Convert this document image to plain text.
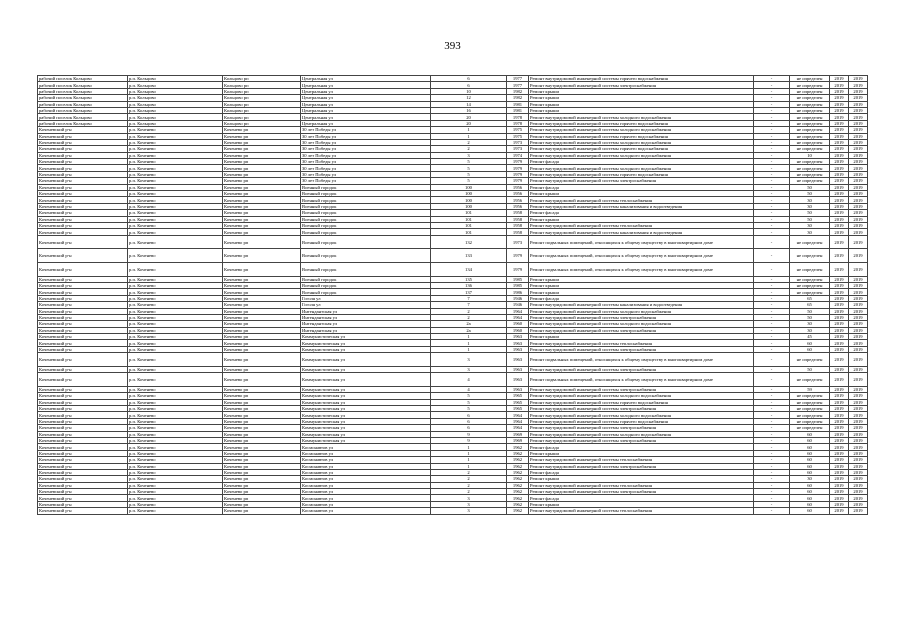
393
рабочий поселок Кольцово	р.п. Кольцово	Кольцово рп	Центральная ул	6	1977	Ремонт внутридомовой инженерной системы горячего водоснабжения	-	не определен	2019	2019
рабочий поселок Кольцово	р.п. Кольцово	Кольцово рп	Центральная ул	6	1977	Ремонт внутридомовой инженерной системы электроснабжения	-	не определен	2019	2019
рабочий поселок Кольцово	р.п. Кольцово	Кольцово рп	Центральная ул	10	1982	Ремонт крыши	-	не определен	2019	2019
рабочий поселок Кольцово	р.п. Кольцово	Кольцово рп	Центральная ул	12	1982	Ремонт крыши	-	не определен	2019	2019
рабочий поселок Кольцово	р.п. Кольцово	Кольцово рп	Центральная ул	14	1981	Ремонт крыши	-	не определен	2019	2019
рабочий поселок Кольцово	р.п. Кольцово	Кольцово рп	Центральная ул	16	1981	Ремонт крыши	-	не определен	2019	2019
рабочий поселок Кольцово	р.п. Кольцово	Кольцово рп	Центральная ул	20	1978	Ремонт внутридомовой инженерной системы холодного водоснабжения	-	не определен	2019	2019
рабочий поселок Кольцово	р.п. Кольцово	Кольцово рп	Центральная ул	20	1978	Ремонт внутридомовой инженерной системы горячего водоснабжения	-	не определен	2019	2019
Коченевский р-н	р.п. Коченево	Коченево рп	30 лет Победы ул	1	1975	Ремонт внутридомовой инженерной системы холодного водоснабжения	-	не определен	2019	2019
Коченевский р-н	р.п. Коченево	Коченево рп	30 лет Победы ул	1	1975	Ремонт внутридомовой инженерной системы горячего водоснабжения	-	не определен	2019	2019
Коченевский р-н	р.п. Коченево	Коченево рп	30 лет Победы ул	2	1973	Ремонт внутридомовой инженерной системы холодного водоснабжения	-	не определен	2019	2019
Коченевский р-н	р.п. Коченево	Коченево рп	30 лет Победы ул	2	1973	Ремонт внутридомовой инженерной системы горячего водоснабжения	-	не определен	2019	2019
Коченевский р-н	р.п. Коченево	Коченево рп	30 лет Победы ул	3	1974	Ремонт внутридомовой инженерной системы холодного водоснабжения	-	10	2019	2019
Коченевский р-н	р.п. Коченево	Коченево рп	30 лет Победы ул	5	1979	Ремонт фасада	-	не определен	2019	2019
Коченевский р-н	р.п. Коченево	Коченево рп	30 лет Победы ул	5	1979	Ремонт внутридомовой инженерной системы холодного водоснабжения	-	не определен	2019	2019
Коченевский р-н	р.п. Коченево	Коченево рп	30 лет Победы ул	5	1979	Ремонт внутридомовой инженерной системы горячего водоснабжения	-	не определен	2019	2019
Коченевский р-н	р.п. Коченево	Коченево рп	30 лет Победы ул	5	1979	Ремонт внутридомовой инженерной системы электроснабжения	-	не определен	2019	2019
Коченевский р-н	р.п. Коченево	Коченево рп	Военный городок	100	1956	Ремонт фасада	-	50	2019	2019
Коченевский р-н	р.п. Коченево	Коченево рп	Военный городок	100	1956	Ремонт крыши	-	50	2019	2019
Коченевский р-н	р.п. Коченево	Коченево рп	Военный городок	100	1956	Ремонт внутридомовой инженерной системы теплоснабжения	-	30	2019	2019
Коченевский р-н	р.п. Коченево	Коченево рп	Военный городок	100	1956	Ремонт внутридомовой инженерной системы канализования и водоотведения	-	30	2019	2019
Коченевский р-н	р.п. Коченево	Коченево рп	Военный городок	101	1958	Ремонт фасада	-	50	2019	2019
Коченевский р-н	р.п. Коченево	Коченево рп	Военный городок	101	1958	Ремонт крыши	-	50	2019	2019
Коченевский р-н	р.п. Коченево	Коченево рп	Военный городок	101	1958	Ремонт внутридомовой инженерной системы теплоснабжения	-	30	2019	2019
Коченевский р-н	р.п. Коченево	Коченево рп	Военный городок	101	1958	Ремонт внутридомовой инженерной системы канализования и водоотведения	-	30	2019	2019
Коченевский р-н	р.п. Коченево	Коченево рп	Военный городок	132	1973	Ремонт подвальных помещений, относящихся к общему имуществу в многоквартирном доме	-	не определен	2019	2019
Коченевский р-н	р.п. Коченево	Коченево рп	Военный городок	133	1979	Ремонт подвальных помещений, относящихся к общему имуществу в многоквартирном доме	-	не определен	2019	2019
Коченевский р-н	р.п. Коченево	Коченево рп	Военный городок	134	1979	Ремонт подвальных помещений, относящихся к общему имуществу в многоквартирном доме	-	не определен	2019	2019
Коченевский р-н	р.п. Коченево	Коченево рп	Военный городок	135	1985	Ремонт крыши	-	не определен	2019	2019
Коченевский р-н	р.п. Коченево	Коченево рп	Военный городок	136	1985	Ремонт крыши	-	не определен	2019	2019
Коченевский р-н	р.п. Коченево	Коченево рп	Военный городок	137	1986	Ремонт крыши	-	не определен	2019	2019
Коченевский р-н	р.п. Коченево	Коченево рп	Гоголя ул	7	1946	Ремонт фасада	-	65	2019	2019
Коченевский р-н	р.п. Коченево	Коченево рп	Гоголя ул	7	1946	Ремонт внутридомовой инженерной системы канализования и водоотведения	-	65	2019	2019
Коченевский р-н	р.п. Коченево	Коченево рп	Интендантская ул	2	1964	Ремонт внутридомовой инженерной системы холодного водоснабжения	-	50	2019	2019
Коченевский р-н	р.п. Коченево	Коченево рп	Интендантская ул	2	1964	Ремонт внутридомовой инженерной системы электроснабжения	-	50	2019	2019
Коченевский р-н	р.п. Коченево	Коченево рп	Интендантская ул	2а	1960	Ремонт внутридомовой инженерной системы холодного водоснабжения	-	30	2019	2019
Коченевский р-н	р.п. Коченево	Коченево рп	Интендантская ул	2а	1960	Ремонт внутридомовой инженерной системы электроснабжения	-	30	2019	2019
Коченевский р-н	р.п. Коченево	Коченево рп	Коммунистическая ул	1	1963	Ремонт крыши	-	45	2019	2019
Коченевский р-н	р.п. Коченево	Коченево рп	Коммунистическая ул	1	1963	Ремонт внутридомовой инженерной системы теплоснабжения	-	60	2019	2019
Коченевский р-н	р.п. Коченево	Коченево рп	Коммунистическая ул	1	1963	Ремонт внутридомовой инженерной системы электроснабжения	-	60	2019	2019
Коченевский р-н	р.п. Коченево	Коченево рп	Коммунистическая ул	3	1963	Ремонт подвальных помещений, относящихся к общему имуществу в многоквартирном доме	-	не определен	2019	2019
Коченевский р-н	р.п. Коченево	Коченево рп	Коммунистическая ул	3	1963	Ремонт внутридомовой инженерной системы электроснабжения	-	50	2019	2019
Коченевский р-н	р.п. Коченево	Коченево рп	Коммунистическая ул	4	1963	Ремонт подвальных помещений, относящихся к общему имуществу в многоквартирном доме	-	не определен	2019	2019
Коченевский р-н	р.п. Коченево	Коченево рп	Коммунистическая ул	4	1963	Ремонт внутридомовой инженерной системы электроснабжения	-	59	2019	2019
Коченевский р-н	р.п. Коченево	Коченево рп	Коммунистическая ул	5	1965	Ремонт внутридомовой инженерной системы холодного водоснабжения	-	не определен	2019	2019
Коченевский р-н	р.п. Коченево	Коченево рп	Коммунистическая ул	5	1965	Ремонт внутридомовой инженерной системы горячего водоснабжения	-	не определен	2019	2019
Коченевский р-н	р.п. Коченево	Коченево рп	Коммунистическая ул	5	1965	Ремонт внутридомовой инженерной системы электроснабжения	-	не определен	2019	2019
Коченевский р-н	р.п. Коченево	Коченево рп	Коммунистическая ул	6	1964	Ремонт внутридомовой инженерной системы холодного водоснабжения	-	не определен	2019	2019
Коченевский р-н	р.п. Коченево	Коченево рп	Коммунистическая ул	6	1964	Ремонт внутридомовой инженерной системы горячего водоснабжения	-	не определен	2019	2019
Коченевский р-н	р.п. Коченево	Коченево рп	Коммунистическая ул	6	1964	Ремонт внутридомовой инженерной системы электроснабжения	-	не определен	2019	2019
Коченевский р-н	р.п. Коченево	Коченево рп	Коммунистическая ул	9	1969	Ремонт внутридомовой инженерной системы холодного водоснабжения	-	60	2019	2019
Коченевский р-н	р.п. Коченево	Коченево рп	Коммунистическая ул	9	1969	Ремонт внутридомовой инженерной системы электроснабжения	-	60	2019	2019
Коченевский р-н	р.п. Коченево	Коченево рп	Космонавтов ул	1	1962	Ремонт фасада	-	60	2019	2019
Коченевский р-н	р.п. Коченево	Коченево рп	Космонавтов ул	1	1962	Ремонт крыши	-	60	2019	2019
Коченевский р-н	р.п. Коченево	Коченево рп	Космонавтов ул	1	1962	Ремонт внутридомовой инженерной системы теплоснабжения	-	60	2019	2019
Коченевский р-н	р.п. Коченево	Коченево рп	Космонавтов ул	1	1962	Ремонт внутридомовой инженерной системы электроснабжения	-	60	2019	2019
Коченевский р-н	р.п. Коченево	Коченево рп	Космонавтов ул	2	1962	Ремонт фасада	-	60	2019	2019
Коченевский р-н	р.п. Коченево	Коченево рп	Космонавтов ул	2	1962	Ремонт крыши	-	30	2019	2019
Коченевский р-н	р.п. Коченево	Коченево рп	Космонавтов ул	2	1962	Ремонт внутридомовой инженерной системы теплоснабжения	-	60	2019	2019
Коченевский р-н	р.п. Коченево	Коченево рп	Космонавтов ул	2	1962	Ремонт внутридомовой инженерной системы электроснабжения	-	60	2019	2019
Коченевский р-н	р.п. Коченево	Коченево рп	Космонавтов ул	3	1962	Ремонт фасада	-	60	2019	2019
Коченевский р-н	р.п. Коченево	Коченево рп	Космонавтов ул	3	1962	Ремонт крыши	-	60	2019	2019
Коченевский р-н	р.п. Коченево	Коченево рп	Космонавтов ул	3	1962	Ремонт внутридомовой инженерной системы теплоснабжения	-	60	2019	2019
